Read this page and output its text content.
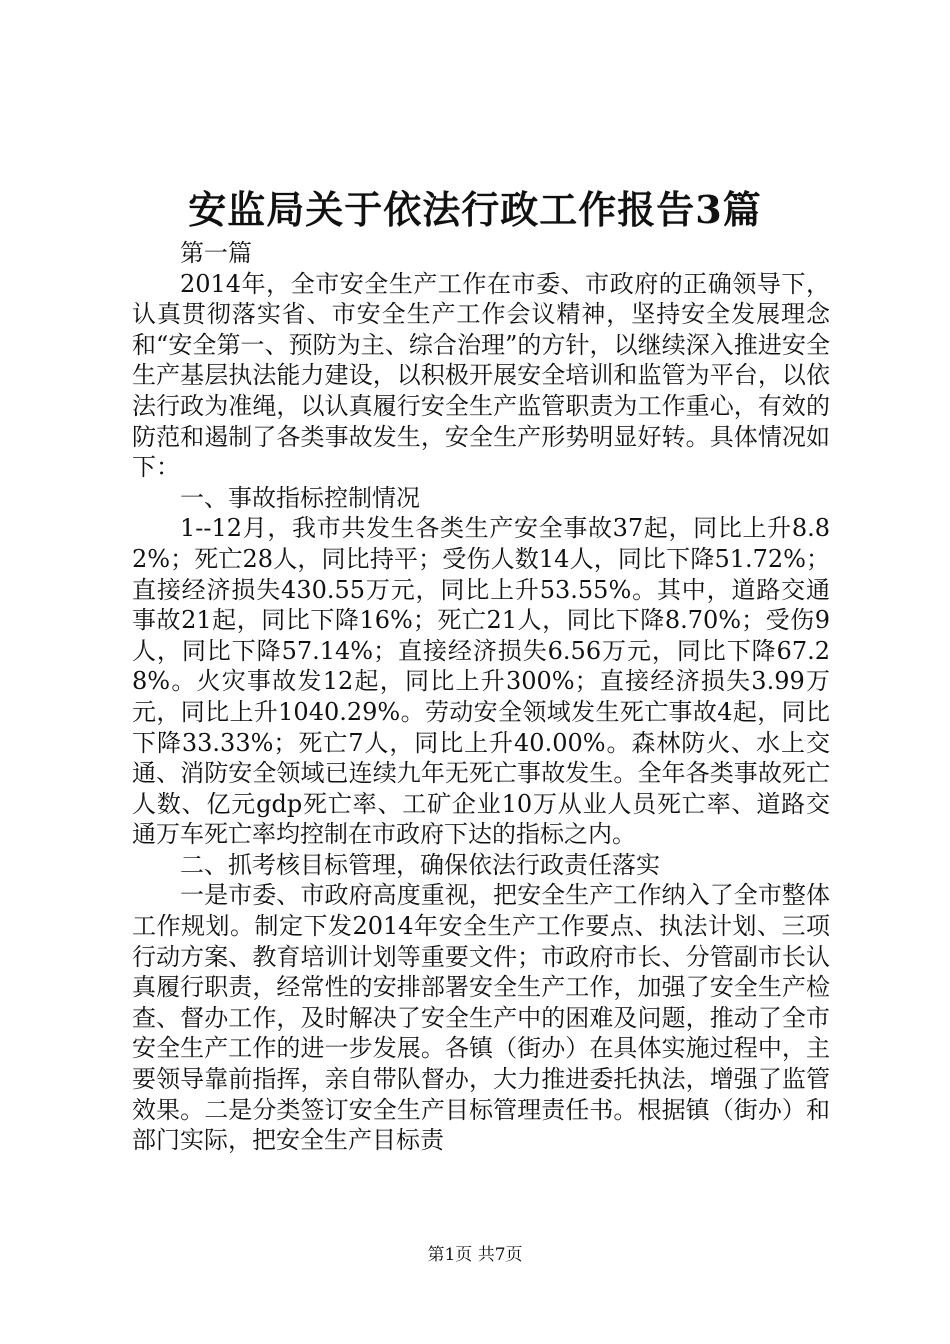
安监局关于依法行政工作报告3篇

第一篇

2014年，全市安全生产工作在市委、市政府的正确领导下，认真贯彻落实省、市安全生产工作会议精神，坚持安全发展理念和“安全第一、预防为主、综合治理”的方针，以继续深入推进安全生产基层执法能力建设，以积极开展安全培训和监管为平台，以依法行政为准绳，以认真履行安全生产监管职责为工作重心，有效的防范和遏制了各类事故发生，安全生产形势明显好转。具体情况如下：

一、事故指标控制情况

1--12月，我市共发生各类生产安全事故37起，同比上升8.82%；死亡28人，同比持平；受伤人数14人，同比下降51.72%；直接经济损失430.55万元，同比上升53.55%。其中，道路交通事故21起，同比下降16%；死亡21人，同比下降8.70%；受伤9人，同比下降57.14%；直接经济损失6.56万元，同比下降67.28%。火灾事故发12起，同比上升300%；直接经济损失3.99万元，同比上升1040.29%。劳动安全领域发生死亡事故4起，同比下降33.33%；死亡7人，同比上升40.00%。森林防火、水上交通、消防安全领域已连续九年无死亡事故发生。全年各类事故死亡人数、亿元gdp死亡率、工矿企业10万从业人员死亡率、道路交通万车死亡率均控制在市政府下达的指标之内。

二、抓考核目标管理，确保依法行政责任落实

一是市委、市政府高度重视，把安全生产工作纳入了全市整体工作规划。制定下发2014年安全生产工作要点、执法计划、三项行动方案、教育培训计划等重要文件；市政府市长、分管副市长认真履行职责，经常性的安排部署安全生产工作，加强了安全生产检查、督办工作，及时解决了安全生产中的困难及问题，推动了全市安全生产工作的进一步发展。各镇（街办）在具体实施过程中，主要领导靠前指挥，亲自带队督办，大力推进委托执法，增强了监管效果。二是分类签订安全生产目标管理责任书。根据镇（街办）和部门实际，把安全生产目标责

第1页 共7页
